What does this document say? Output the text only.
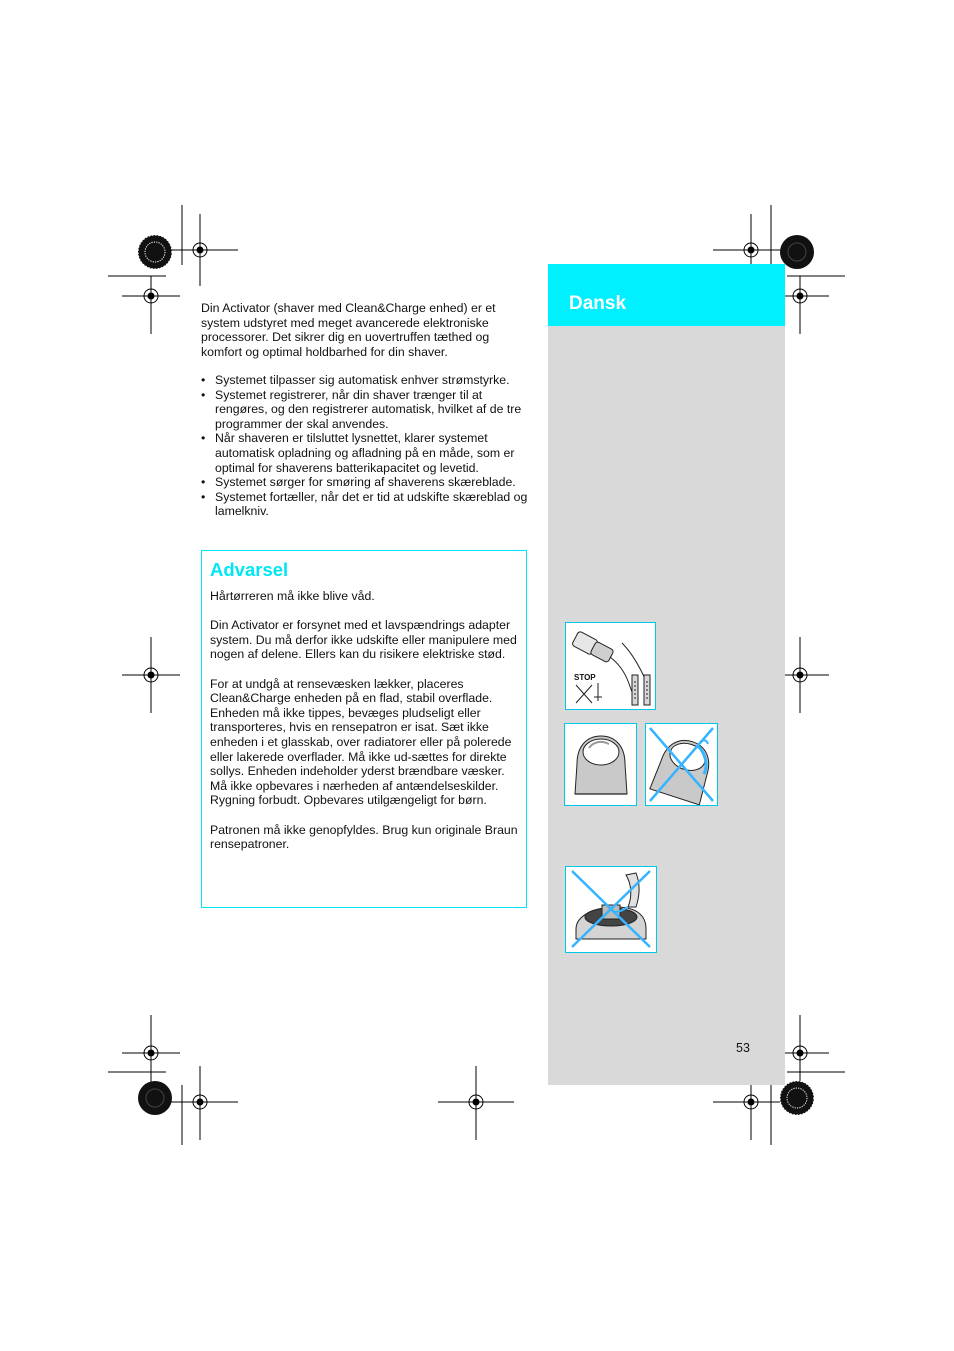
Dansk
53

Din Activator (shaver med Clean&Charge enhed) er et system udstyret med meget avancerede elektroniske processorer. Det sikrer dig en uovertruffen tæthed og komfort og optimal holdbarhed for din shaver.

• Systemet tilpasser sig automatisk enhver strømstyrke.
• Systemet registrerer, når din shaver trænger til at rengøres, og den registrerer automatisk, hvilket af de tre programmer der skal anvendes.
• Når shaveren er tilsluttet lysnettet, klarer systemet automatisk opladning og afladning på en måde, som er optimal for shaverens batterikapacitet og levetid.
• Systemet sørger for smøring af shaverens skæreblade.
• Systemet fortæller, når det er tid at udskifte skæreblad og lamelkniv.
Advarsel

Hårtørreren må ikke blive våd.

Din Activator er forsynet med et lavspændrings adapter system. Du må derfor ikke udskifte eller manipulere med nogen af delene. Ellers kan du risikere elektriske stød.

For at undgå at rensevæsken lækker, placeres Clean&Charge enheden på en flad, stabil overflade. Enheden må ikke tippes, bevæges pludseligt eller transporteres, hvis en rensepatron er isat. Sæt ikke enheden i et glasskab, over radiatorer eller på polerede eller lakerede overflader. Må ikke ud-sættes for direkte sollys. Enheden indeholder yderst brændbare væsker. Må ikke opbevares i nærheden af antændelseskilder. Rygning forbudt. Opbevares utilgængeligt for børn.

Patronen må ikke genopfyldes. Brug kun originale Braun rensepatroner.

STOP
